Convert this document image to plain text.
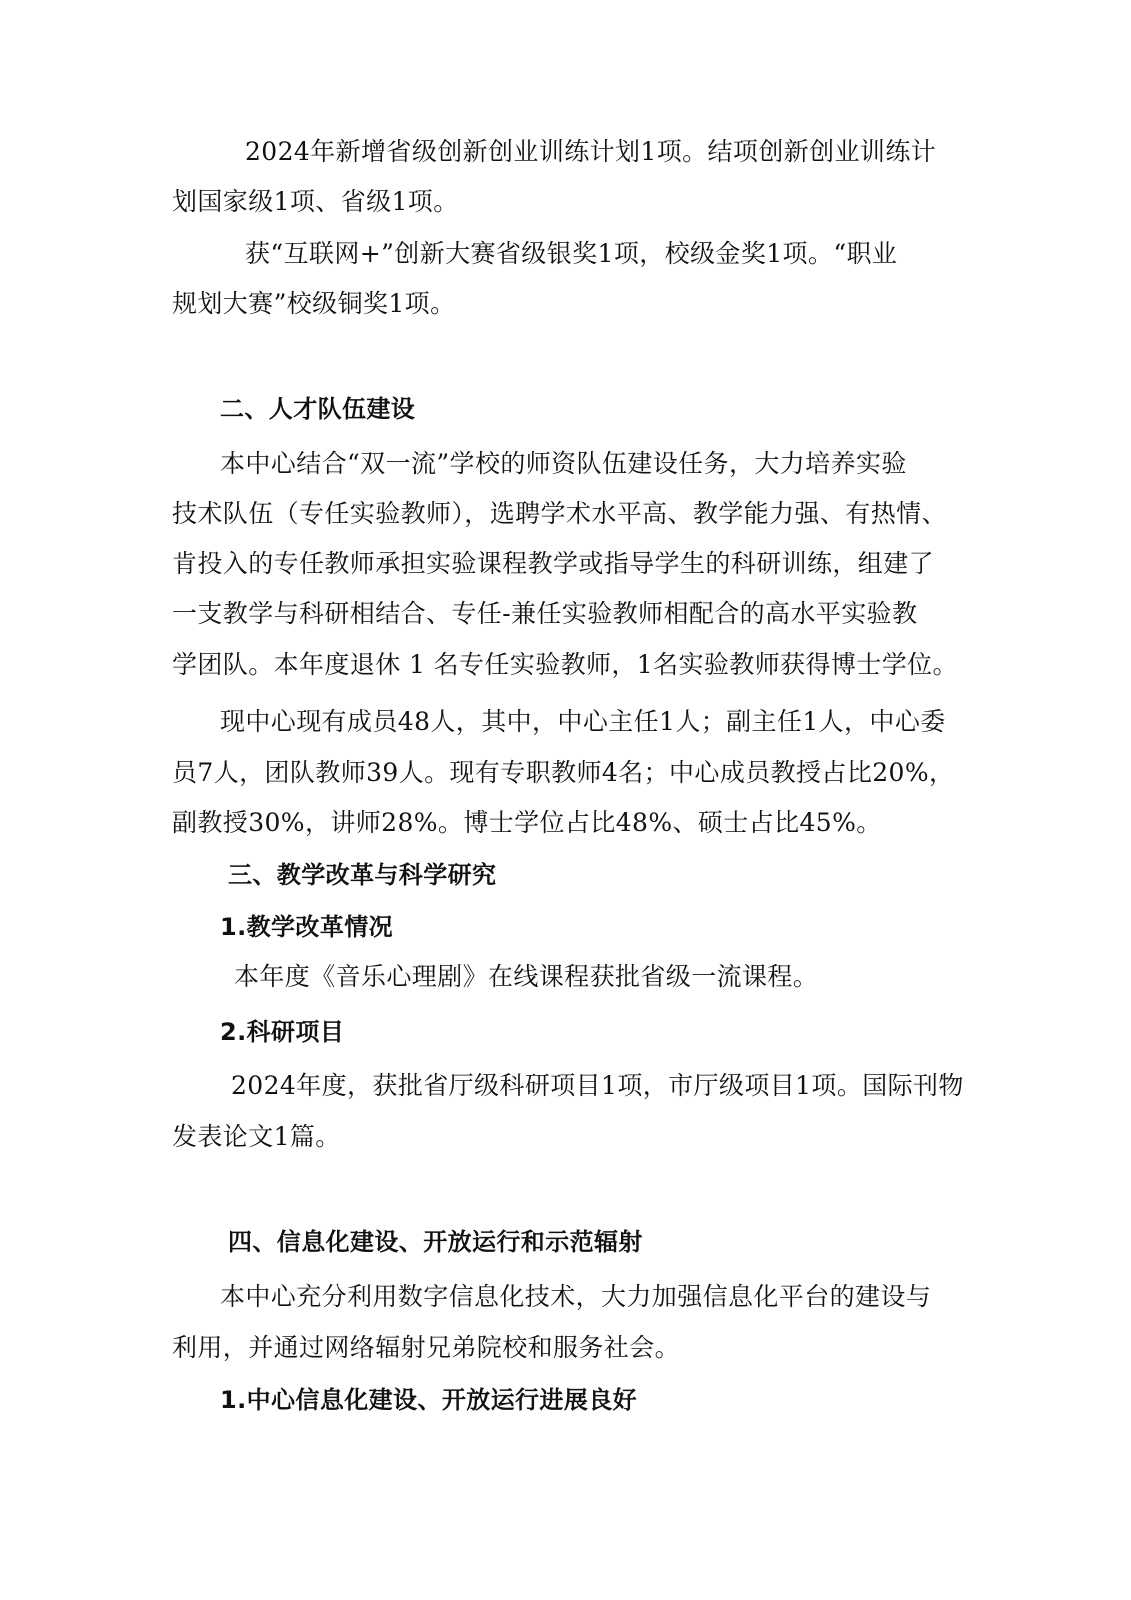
2024年新增省级创新创业训练计划1项。结项创新创业训练计

划国家级1项、省级1项。

获“互联网+”创新大赛省级银奖1项，校级金奖1项。“职业

规划大赛”校级铜奖1项。

二、人才队伍建设

本中心结合“双一流”学校的师资队伍建设任务，大力培养实验

技术队伍（专任实验教师），选聘学术水平高、教学能力强、有热情、

肯投入的专任教师承担实验课程教学或指导学生的科研训练，组建了

一支教学与科研相结合、专任-兼任实验教师相配合的高水平实验教

学团队。本年度退休 1 名专任实验教师，1名实验教师获得博士学位。

现中心现有成员48人，其中，中心主任1人；副主任1人，中心委

员7人，团队教师39人。现有专职教师4名；中心成员教授占比20%，

副教授30%，讲师28%。博士学位占比48%、硕士占比45%。

三、教学改革与科学研究

1.教学改革情况

本年度《音乐心理剧》在线课程获批省级一流课程。

2.科研项目

2024年度，获批省厅级科研项目1项，市厅级项目1项。国际刊物

发表论文1篇。

四、信息化建设、开放运行和示范辐射

本中心充分利用数字信息化技术，大力加强信息化平台的建设与

利用，并通过网络辐射兄弟院校和服务社会。

1.中心信息化建设、开放运行进展良好
